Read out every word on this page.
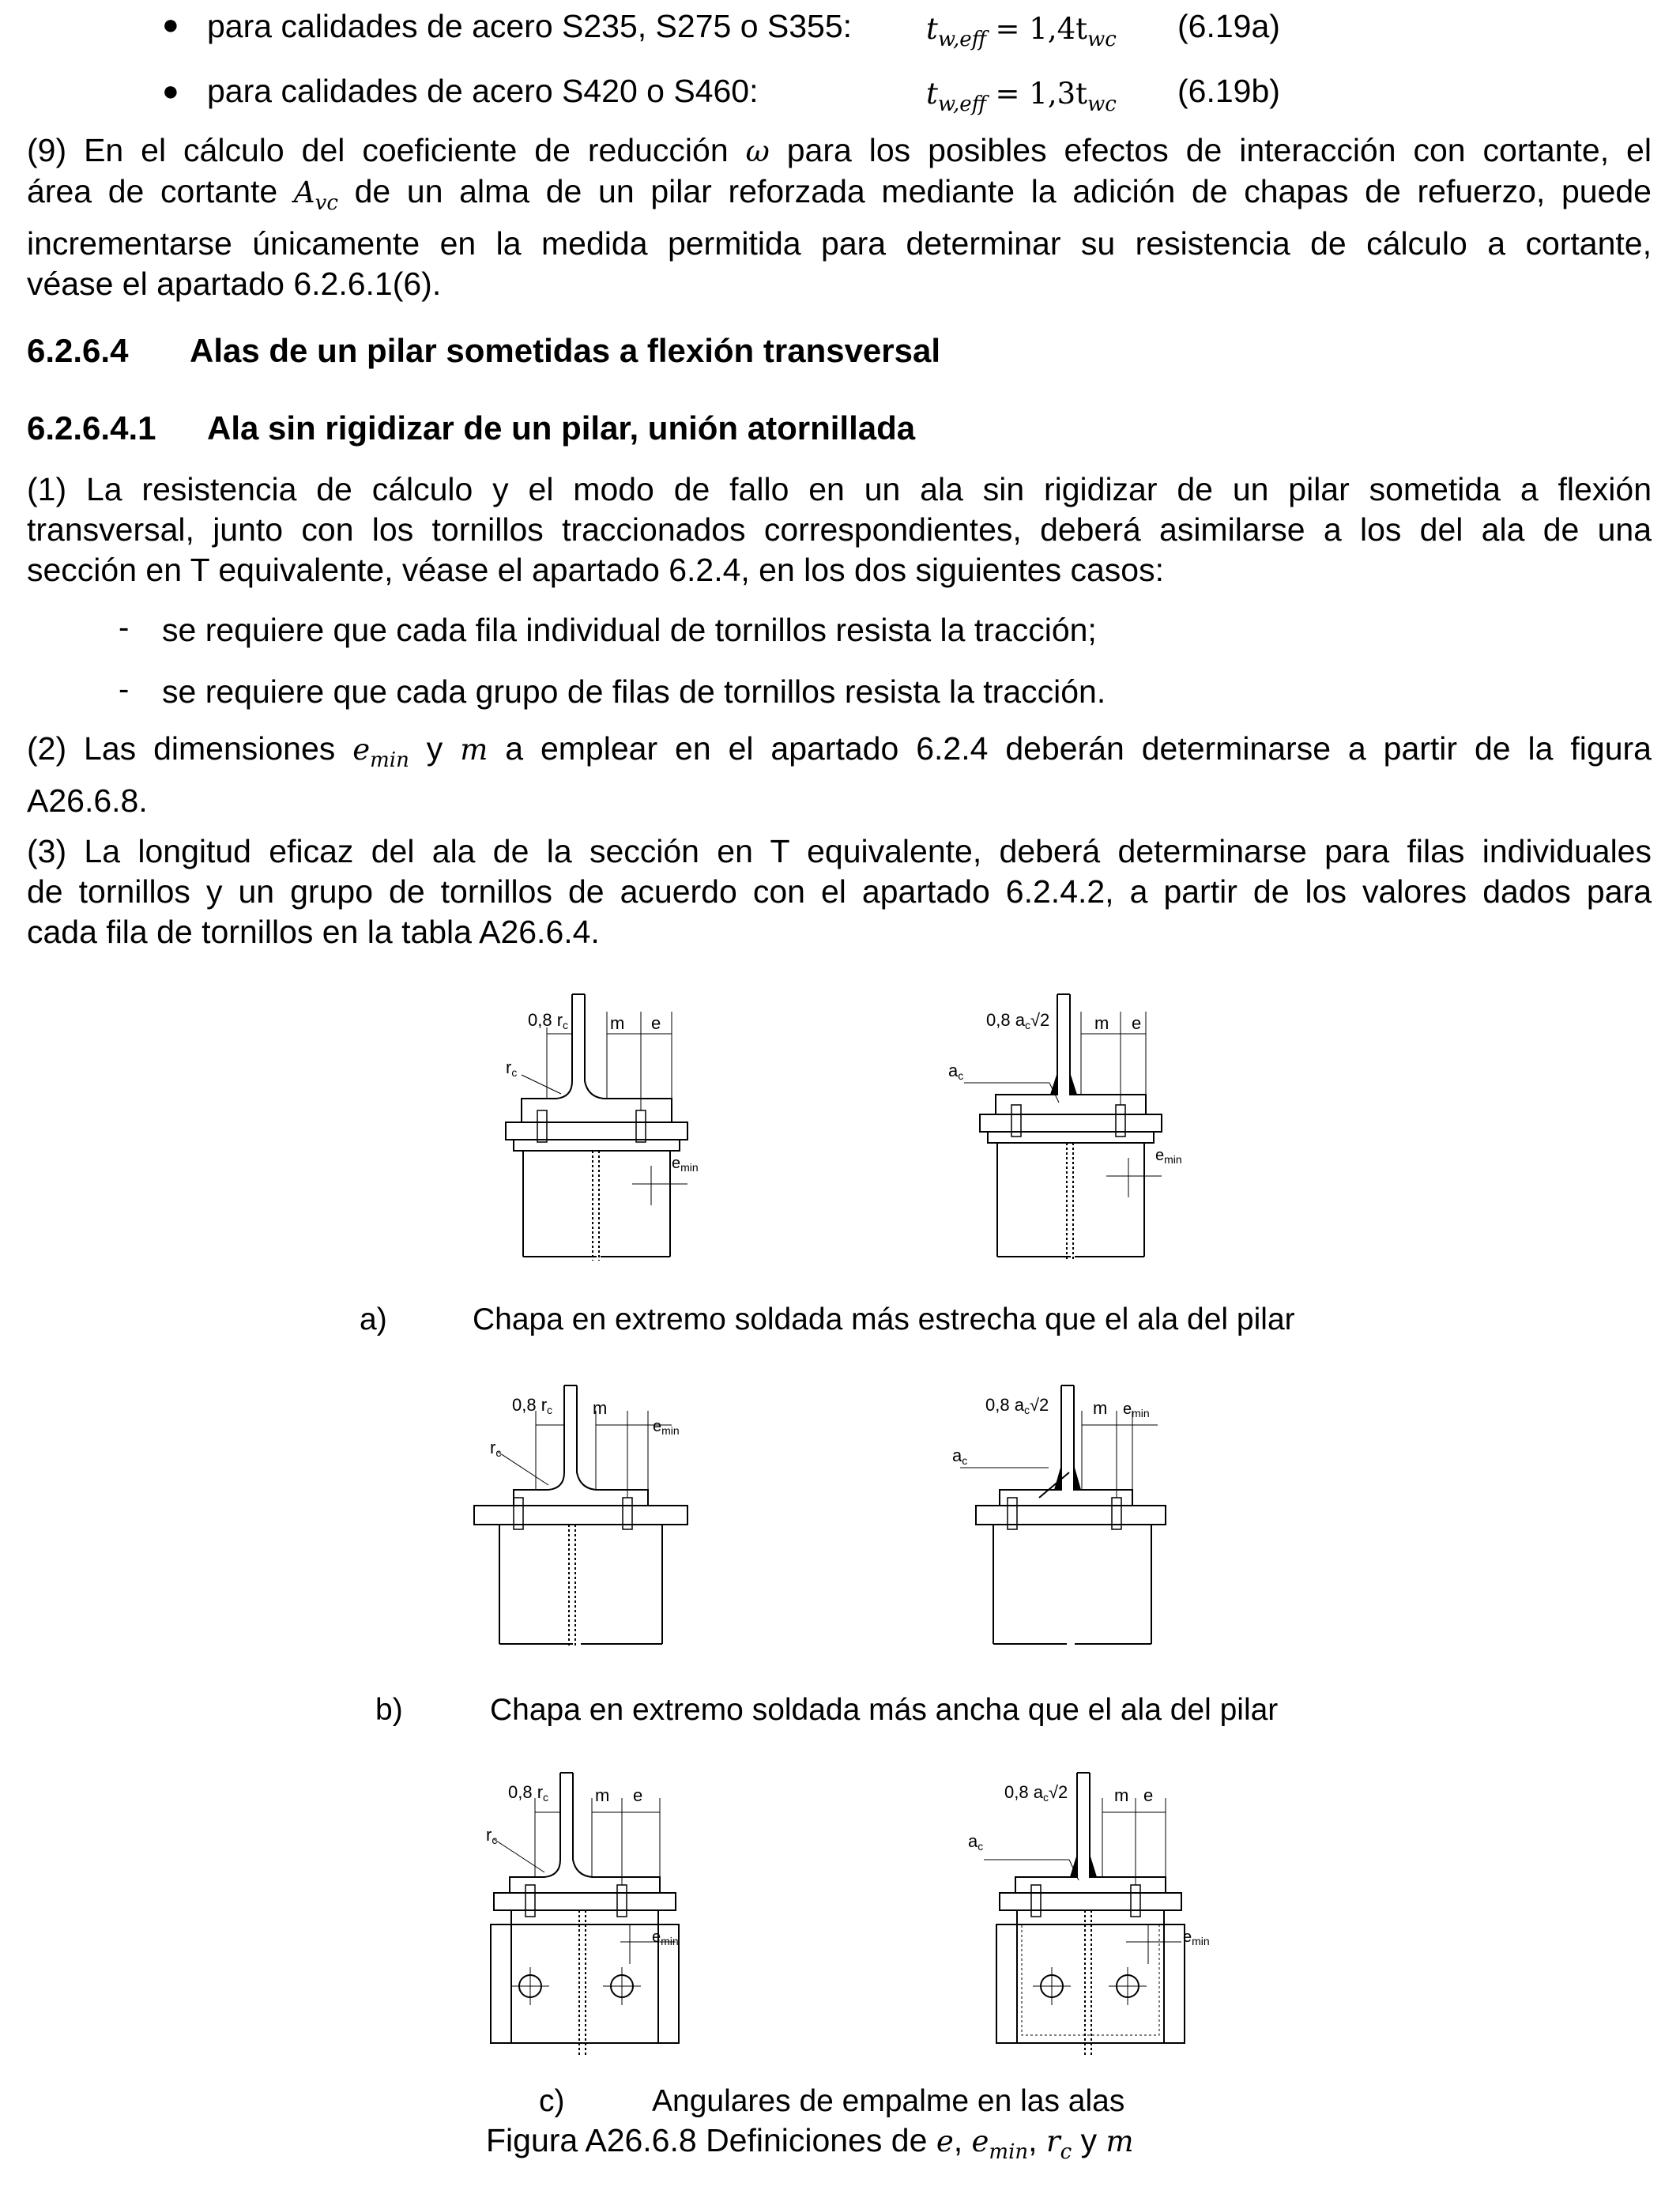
● para calidades de acero S235, S275 o S355:	$t_{w,eff} = 1,4t_{wc}$ (6.19a)
● para calidades de acero S420 o S460:	$t_{w,eff} = 1,3t_{wc}$ (6.19b)
(9) En el cálculo del coeficiente de reducción ω para los posibles efectos de interacción con cortante, el
área de cortante $A_{vc}$ de un alma de un pilar reforzada mediante la adición de chapas de refuerzo, puede
incrementarse únicamente en la medida permitida para determinar su resistencia de cálculo a cortante,
véase el apartado 6.2.6.1(6).
6.2.6.4 Alas de un pilar sometidas a flexión transversal
6.2.6.4.1 Ala sin rigidizar de un pilar, unión atornillada
(1) La resistencia de cálculo y el modo de fallo en un ala sin rigidizar de un pilar sometida a flexión
transversal, junto con los tornillos traccionados correspondientes, deberá asimilarse a los del ala de una
sección en T equivalente, véase el apartado 6.2.4, en los dos siguientes casos:
- se requiere que cada fila individual de tornillos resista la tracción;
- se requiere que cada grupo de filas de tornillos resista la tracción.
(2) Las dimensiones $e_{min}$ y m a emplear en el apartado 6.2.4 deberán determinarse a partir de la figura
A26.6.8.
(3) La longitud eficaz del ala de la sección en T equivalente, deberá determinarse para filas individuales
de tornillos y un grupo de tornillos de acuerdo con el apartado 6.2.4.2, a partir de los valores dados para
cada fila de tornillos en la tabla A26.6.4.
0,8 rc m e
rc
$e_{min}$
0,8 ac√2	m e
ac
$e_{min}$
a)	Chapa en extremo soldada más estrecha que el ala del pilar
0,8 rc m
$e_{min}$
rc
0,8 ac√2	m $e_{min}$
ac
b)	Chapa en extremo soldada más ancha que el ala del pilar
0,8 rc	m e
rc
$e_{min}$
0,8 ac√2	m e
ac
$e_{min}$
c)	Angulares de empalme en las alas
Figura A26.6.8 Definiciones de e, $e_{min}$, $r_c$ y m
